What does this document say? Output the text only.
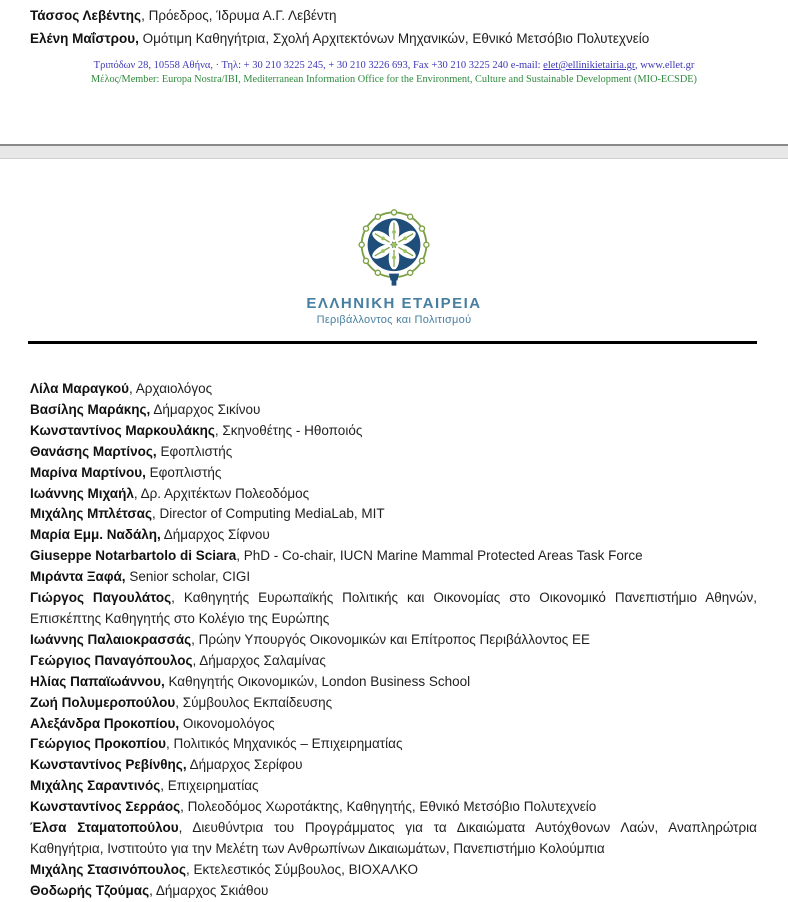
Τάσσος Λεβέντης, Πρόεδρος, Ίδρυμα Α.Γ. Λεβέντη
Ελένη Μαΐστρου, Ομότιμη Καθηγήτρια, Σχολή Αρχιτεκτόνων Μηχανικών, Εθνικό Μετσόβιο Πολυτεχνείο
Τριπόδων 28, 10558 Αθήνα, · Τηλ: + 30 210 3225 245, + 30 210 3226 693, Fax +30 210 3225 240 e-mail: elet@ellinikietairia.gr, www.ellet.gr
Μέλος/Member: Europa Nostra/IBI, Mediterranean Information Office for the Environment, Culture and Sustainable Development (MIO-ECSDE)
ΕΛΛΗΝΙΚΗ ΕΤΑΙΡΕΙΑ
Περιβάλλοντος και Πολιτισμού

Λίλα Μαραγκού, Αρχαιολόγος

Βασίλης Μαράκης, Δήμαρχος Σικίνου

Κωνσταντίνος Μαρκουλάκης, Σκηνοθέτης - Ηθοποιός

Θανάσης Μαρτίνος, Εφοπλιστής

Μαρίνα Μαρτίνου, Εφοπλιστής

Ιωάννης Μιχαήλ, Δρ. Αρχιτέκτων Πολεοδόμος

Μιχάλης Μπλέτσας, Director of Computing MediaLab, MIT

Μαρία Εμμ. Ναδάλη, Δήμαρχος Σίφνου

Giuseppe Notarbartolo di Sciara, PhD - Co-chair, IUCN Marine Mammal Protected Areas Task Force

Μιράντα Ξαφά, Senior scholar, CIGI

Γιώργος Παγουλάτος, Καθηγητής Ευρωπαϊκής Πολιτικής και Οικονομίας στο Οικονομικό Πανεπιστήμιο Αθηνών, Επισκέπτης Καθηγητής στο Κολέγιο της Ευρώπης

Ιωάννης Παλαιοκρασσάς, Πρώην Υπουργός Οικονομικών και Επίτροπος Περιβάλλοντος ΕΕ

Γεώργιος Παναγόπουλος, Δήμαρχος Σαλαμίνας

Ηλίας Παπαϊωάννου, Καθηγητής Οικονομικών, London Business School

Ζωή Πολυμεροπούλου, Σύμβουλος Εκπαίδευσης

Αλεξάνδρα Προκοπίου, Οικονομολόγος

Γεώργιος Προκοπίου, Πολιτικός Μηχανικός – Επιχειρηματίας

Κωνσταντίνος Ρεβίνθης, Δήμαρχος Σερίφου

Μιχάλης Σαραντινός, Επιχειρηματίας

Κωνσταντίνος Σερράος, Πολεοδόμος Χωροτάκτης, Καθηγητής, Εθνικό Μετσόβιο Πολυτεχνείο

Έλσα Σταματοπούλου, Διευθύντρια του Προγράμματος για τα Δικαιώματα Αυτόχθονων Λαών, Αναπληρώτρια Καθηγήτρια, Ινστιτούτο για την Μελέτη των Ανθρωπίνων Δικαιωμάτων, Πανεπιστήμιο Κολούμπια

Μιχάλης Στασινόπουλος, Εκτελεστικός Σύμβουλος, ΒΙΟΧΑΛΚΟ

Θοδωρής Τζούμας, Δήμαρχος Σκιάθου
